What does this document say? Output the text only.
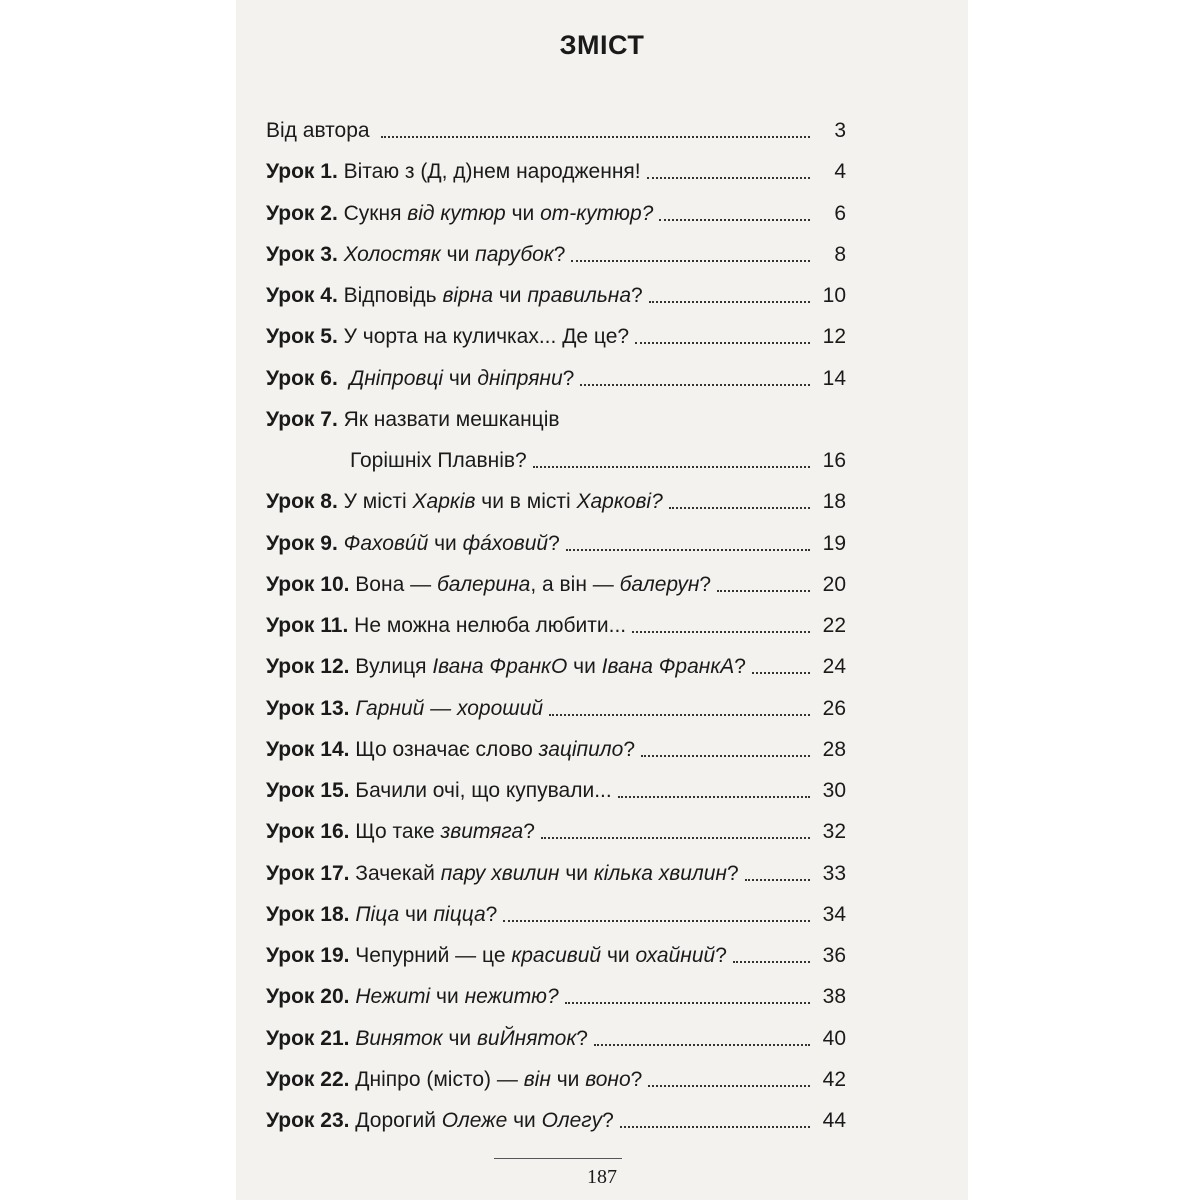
ЗМІСТ
Від автора	3
Урок 1. Вітаю з (Д, д)нем народження!	4
Урок 2. Сукня від кутюр чи от-кутюр?	6
Урок 3. Холостяк чи парубок?	8
Урок 4. Відповідь вірна чи правильна?	10
Урок 5. У чорта на куличках... Де це?	12
Урок 6. Дніпровці чи дніпряни?	14
Урок 7. Як назвати мешканців
Горішніх Плавнів?	16
Урок 8. У місті Харків чи в місті Харкові?	18
Урок 9. Фаховúй чи фáховий?	19
Урок 10. Вона — балерина, а він — балерун?	20
Урок 11. Не можна нелюба любити...	22
Урок 12. Вулиця Івана ФранкО чи Івана ФранкА?	24
Урок 13. Гарний — хороший	26
Урок 14. Що означає слово заціпило?	28
Урок 15. Бачили очі, що купували...	30
Урок 16. Що таке звитяга?	32
Урок 17. Зачекай пару хвилин чи кілька хвилин?	33
Урок 18. Піца чи піцца?	34
Урок 19. Чепурний — це красивий чи охайний?	36
Урок 20. Нежиті чи нежитю?	38
Урок 21. Виняток чи виЙняток?	40
Урок 22. Дніпро (місто) — він чи воно?	42
Урок 23. Дорогий Олеже чи Олегу?	44
187
